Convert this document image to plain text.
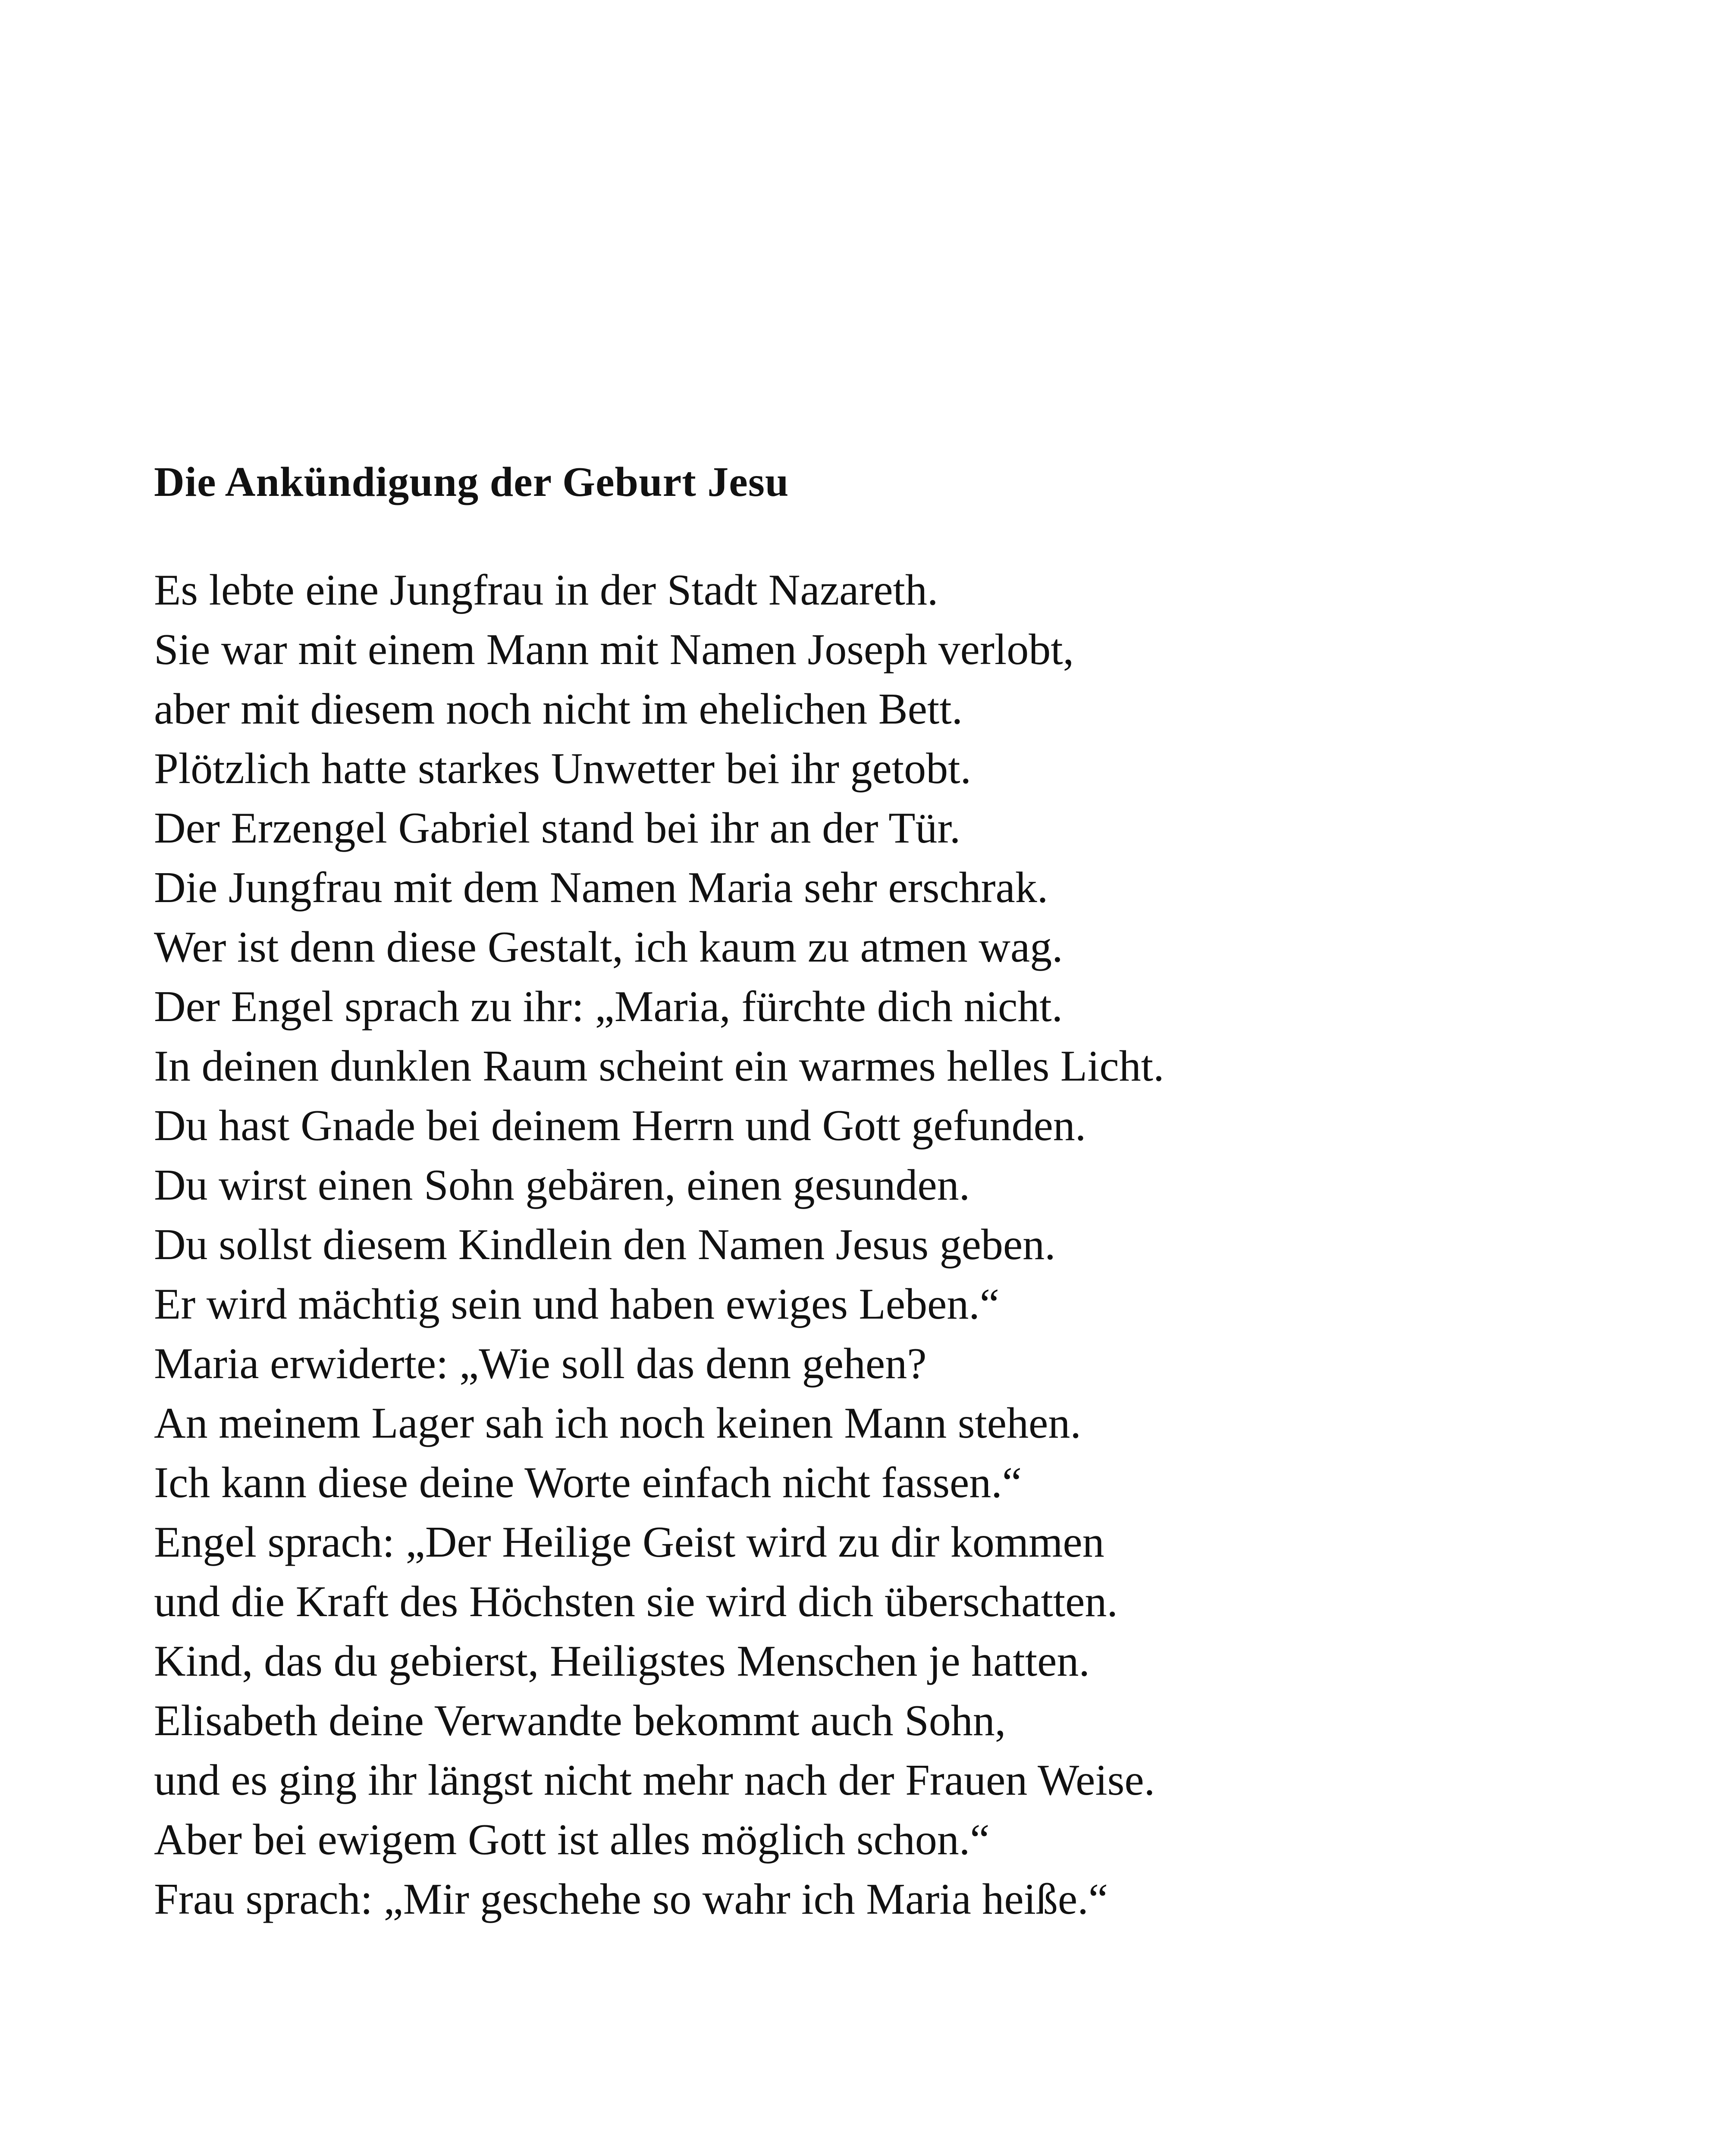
Die Ankündigung der Geburt Jesu
Es lebte eine Jungfrau in der Stadt Nazareth.
Sie war mit einem Mann mit Namen Joseph verlobt,
aber mit diesem noch nicht im ehelichen Bett.
Plötzlich hatte starkes Unwetter bei ihr getobt.
Der Erzengel Gabriel stand bei ihr an der Tür.
Die Jungfrau mit dem Namen Maria sehr erschrak.
Wer ist denn diese Gestalt, ich kaum zu atmen wag.
Der Engel sprach zu ihr: „Maria, fürchte dich nicht.
In deinen dunklen Raum scheint ein warmes helles Licht.
Du hast Gnade bei deinem Herrn und Gott gefunden.
Du wirst einen Sohn gebären, einen gesunden.
Du sollst diesem Kindlein den Namen Jesus geben.
Er wird mächtig sein und haben ewiges Leben.“
Maria erwiderte: „Wie soll das denn gehen?
An meinem Lager sah ich noch keinen Mann stehen.
Ich kann diese deine Worte einfach nicht fassen.“
Engel sprach: „Der Heilige Geist wird zu dir kommen
und die Kraft des Höchsten sie wird dich überschatten.
Kind, das du gebierst, Heiligstes Menschen je hatten.
Elisabeth deine Verwandte bekommt auch Sohn,
und es ging ihr längst nicht mehr nach der Frauen Weise.
Aber bei ewigem Gott ist alles möglich schon.“
Frau sprach: „Mir geschehe so wahr ich Maria heiße.“
